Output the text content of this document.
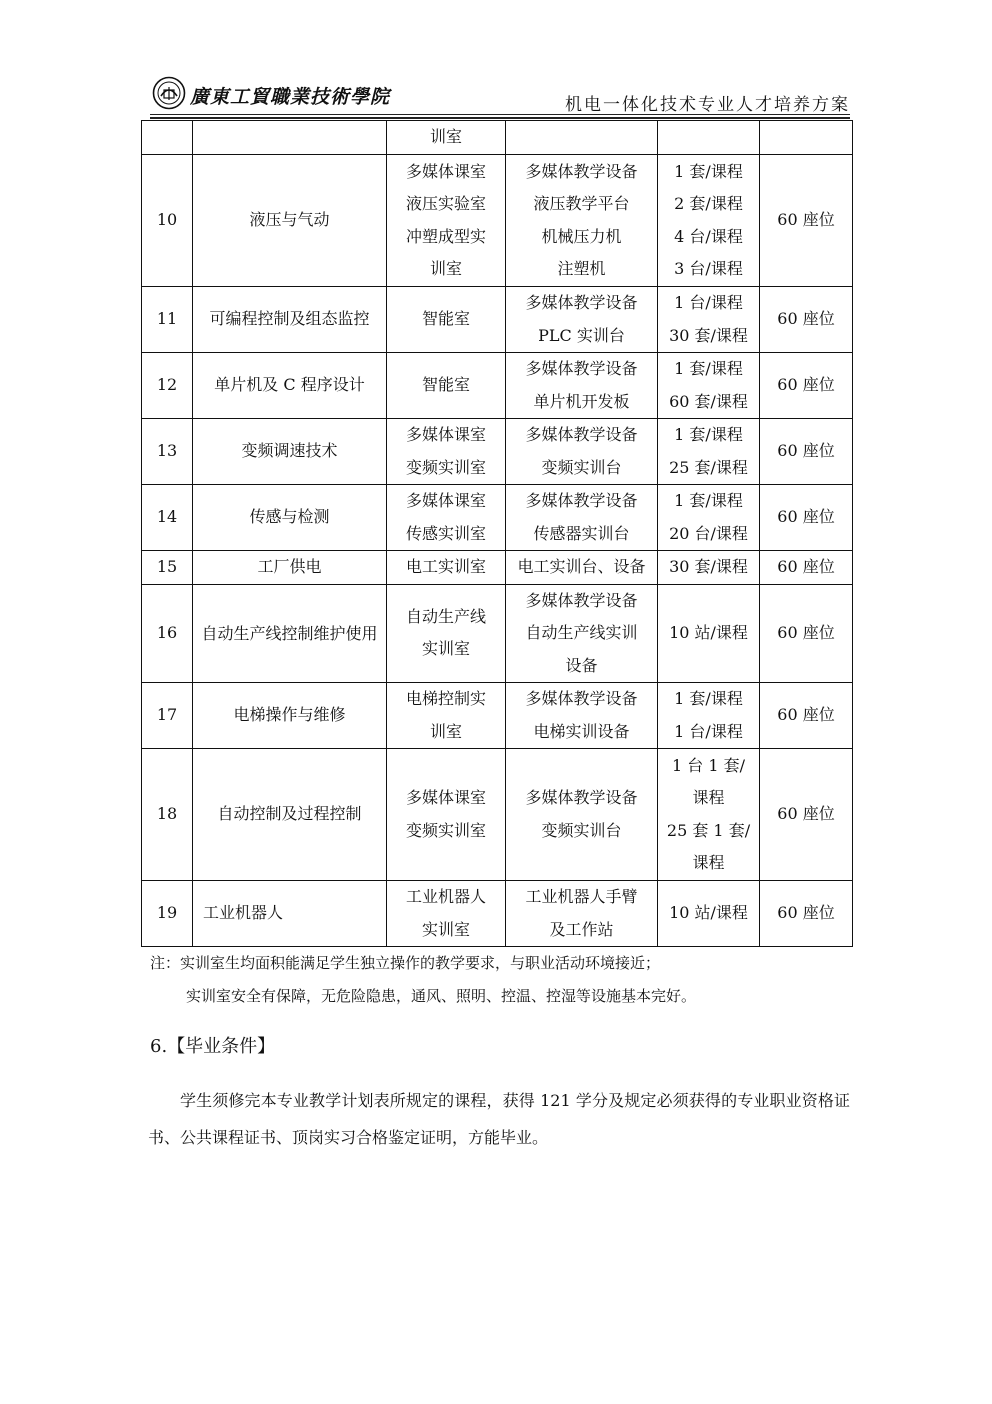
廣東工貿職業技術學院	机电一体化技术专业人才培养方案

		训室			

10	液压与气动	多媒体课室
液压实验室
冲塑成型实
训室	多媒体教学设备
液压教学平台
机械压力机
注塑机	1 套/课程
2 套/课程
4 台/课程
3 台/课程	60 座位

11	可编程控制及组态监控	智能室	多媒体教学设备
PLC 实训台	1 台/课程
30 套/课程	60 座位

12	单片机及 C 程序设计	智能室	多媒体教学设备
单片机开发板	1 套/课程
60 套/课程	60 座位

13	变频调速技术	多媒体课室
变频实训室	多媒体教学设备
变频实训台	1 套/课程
25 套/课程	60 座位

14	传感与检测	多媒体课室
传感实训室	多媒体教学设备
传感器实训台	1 套/课程
20 台/课程	60 座位

15	工厂供电	电工实训室	电工实训台、设备	30 套/课程	60 座位

16	自动生产线控制维护使用	自动生产线
实训室	多媒体教学设备
自动生产线实训
设备	10 站/课程	60 座位

17	电梯操作与维修	电梯控制实
训室	多媒体教学设备
电梯实训设备	1 套/课程
1 台/课程	60 座位

18	自动控制及过程控制	多媒体课室
变频实训室	多媒体教学设备
变频实训台	1 台 1 套/
课程
25 套 1 套/
课程	60 座位

19	工业机器人	工业机器人
实训室	工业机器人手臂
及工作站	10 站/课程	60 座位
注：实训室生均面积能满足学生独立操作的教学要求，与职业活动环境接近；
实训室安全有保障，无危险隐患，通风、照明、控温、控湿等设施基本完好。
6.【毕业条件】
学生须修完本专业教学计划表所规定的课程，获得 121 学分及规定必须获得的专业职业资格证书、公共课程证书、顶岗实习合格鉴定证明，方能毕业。
